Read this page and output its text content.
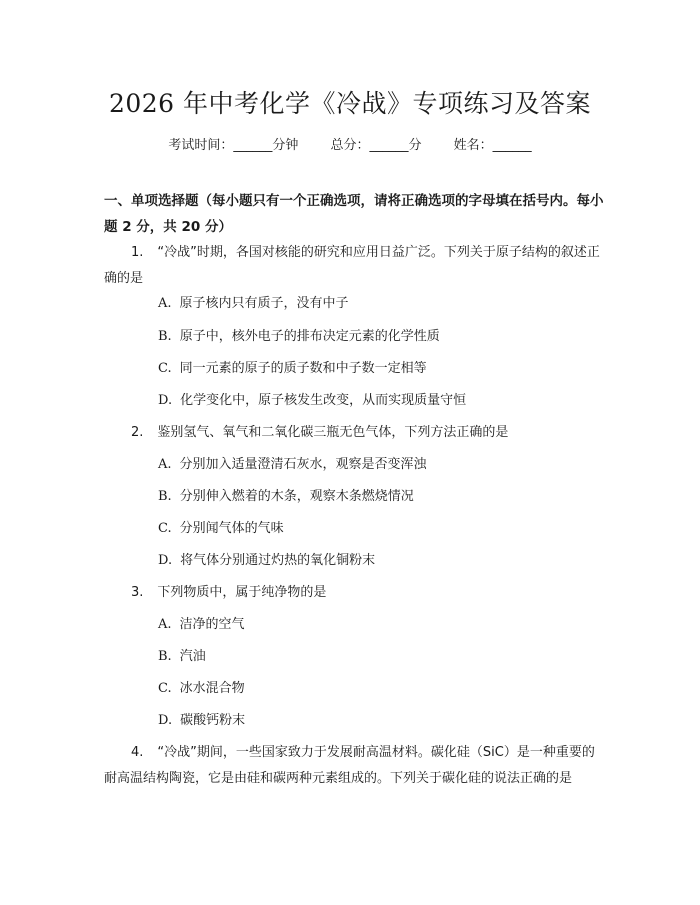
2026 年中考化学《冷战》专项练习及答案
考试时间：______分钟 总分：______分 姓名：______
一、单项选择题（每小题只有一个正确选项，请将正确选项的字母填在括号内。每小题 2 分，共 20 分）
1. “冷战”时期，各国对核能的研究和应用日益广泛。下列关于原子结构的叙述正确的是
A. 原子核内只有质子，没有中子
B. 原子中，核外电子的排布决定元素的化学性质
C. 同一元素的原子的质子数和中子数一定相等
D. 化学变化中，原子核发生改变，从而实现质量守恒
2. 鉴别氢气、氧气和二氧化碳三瓶无色气体，下列方法正确的是
A. 分别加入适量澄清石灰水，观察是否变浑浊
B. 分别伸入燃着的木条，观察木条燃烧情况
C. 分别闻气体的气味
D. 将气体分别通过灼热的氧化铜粉末
3. 下列物质中，属于纯净物的是
A. 洁净的空气
B. 汽油
C. 冰水混合物
D. 碳酸钙粉末
4. “冷战”期间，一些国家致力于发展耐高温材料。碳化硅（SiC）是一种重要的耐高温结构陶瓷，它是由硅和碳两种元素组成的。下列关于碳化硅的说法正确的是
